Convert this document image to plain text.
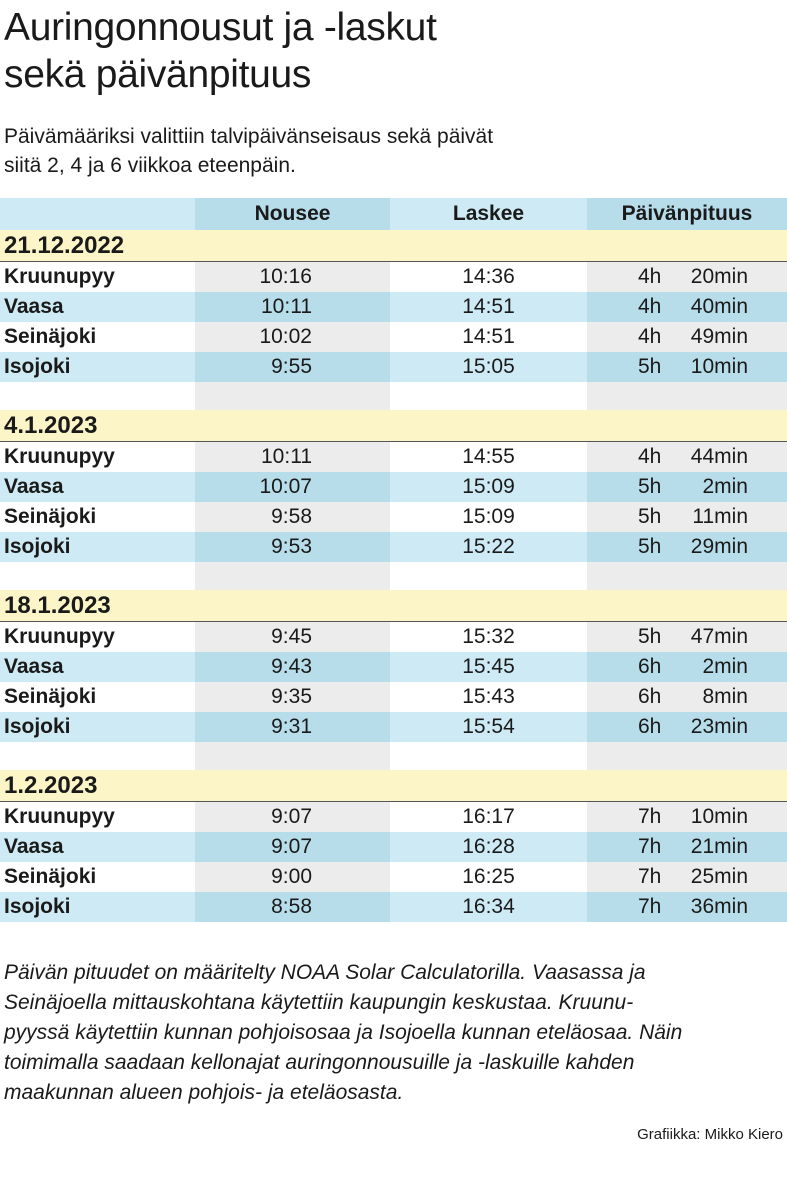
Auringonnousut ja -laskut
sekä päivänpituus

Päivämääriksi valittiin talvipäivänseisaus sekä päivät
siitä 2, 4 ja 6 viikkoa eteenpäin.

	Nousee	Laskee	Päivänpituus
21.12.2022			
Kruunupyy	10:16	14:36	4h 20min
Vaasa	10:11	14:51	4h 40min
Seinäjoki	10:02	14:51	4h 49min
Isojoki	9:55	15:05	5h 10min

4.1.2023			
Kruunupyy	10:11	14:55	4h 44min
Vaasa	10:07	15:09	5h 2min
Seinäjoki	9:58	15:09	5h 11min
Isojoki	9:53	15:22	5h 29min

18.1.2023			
Kruunupyy	9:45	15:32	5h 47min
Vaasa	9:43	15:45	6h 2min
Seinäjoki	9:35	15:43	6h 8min
Isojoki	9:31	15:54	6h 23min

1.2.2023			
Kruunupyy	9:07	16:17	7h 10min
Vaasa	9:07	16:28	7h 21min
Seinäjoki	9:00	16:25	7h 25min
Isojoki	8:58	16:34	7h 36min

Päivän pituudet on määritelty NOAA Solar Calculatorilla. Vaasassa ja
Seinäjoella mittauskohtana käytettiin kaupungin keskustaa. Kruunu-
pyyssä käytettiin kunnan pohjoisosaa ja Isojoella kunnan eteläosaa. Näin
toimimalla saadaan kellonajat auringonnousuille ja -laskuille kahden
maakunnan alueen pohjois- ja eteläosasta.

Grafiikka: Mikko Kiero
